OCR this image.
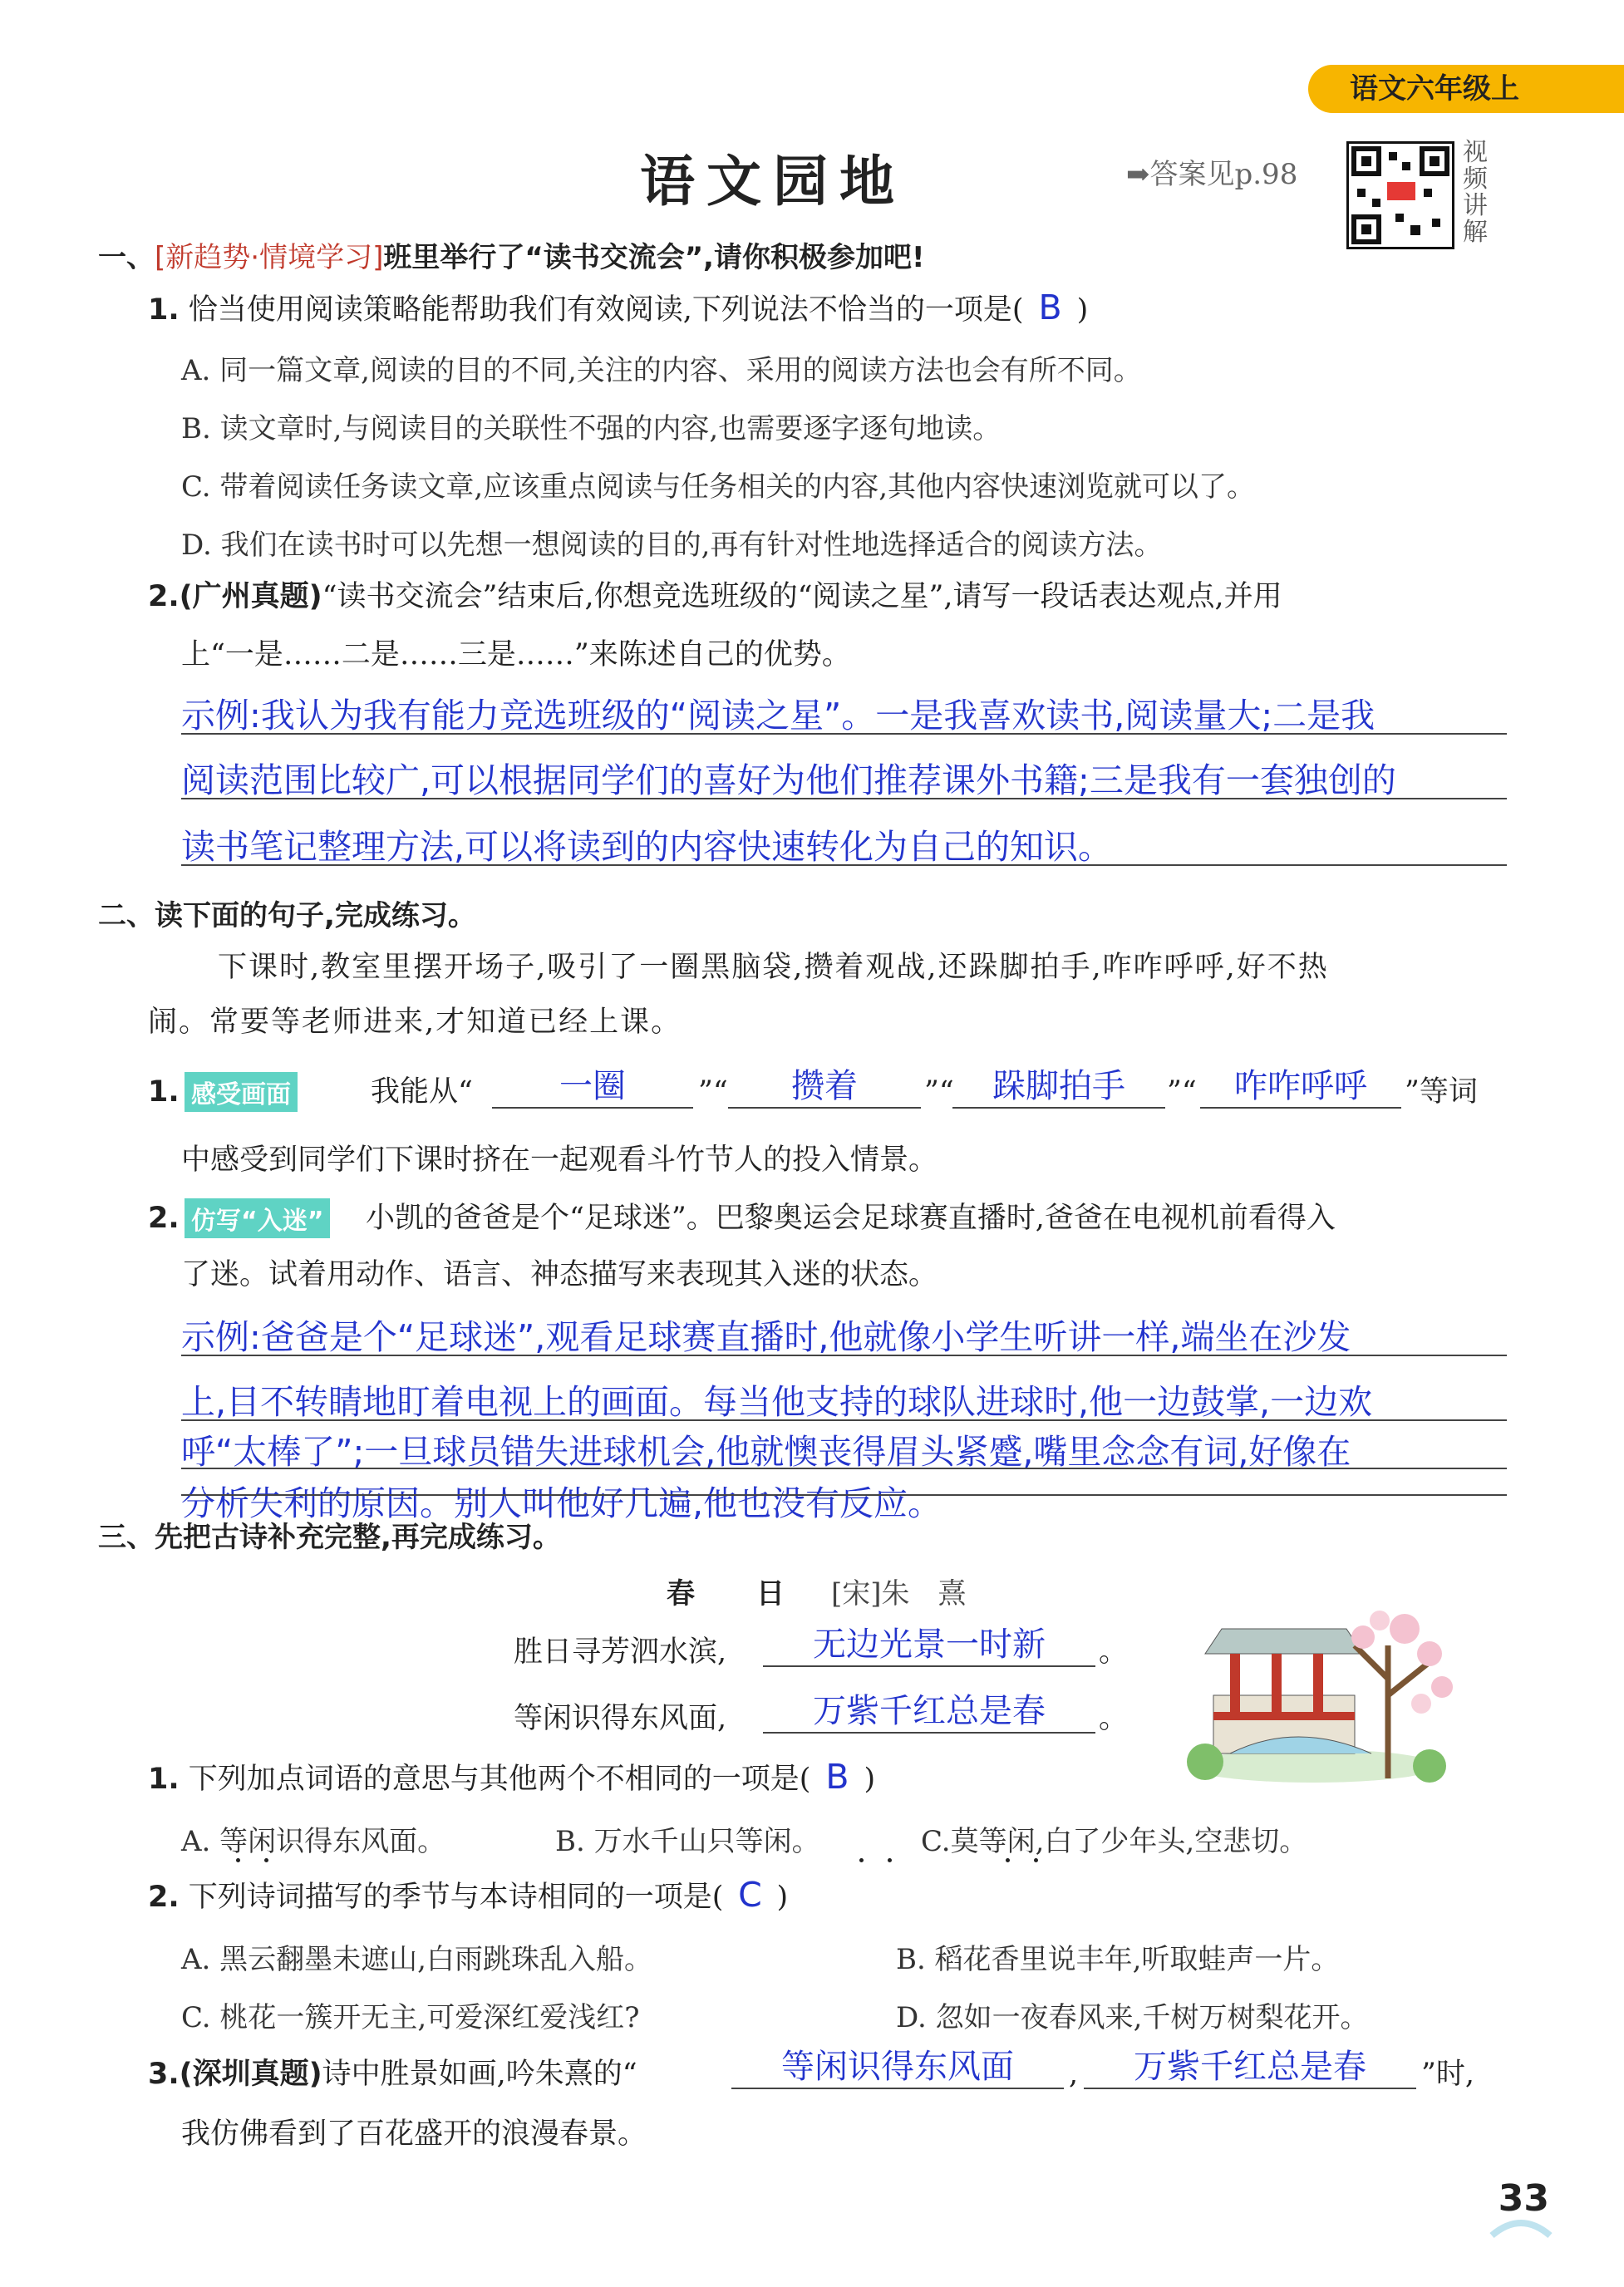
语文六年级上
语文园地	➡答案见p.98
视频讲解
一、[新趋势·情境学习]班里举行了“读书交流会”,请你积极参加吧!
1. 恰当使用阅读策略能帮助我们有效阅读,下列说法不恰当的一项是( B )
A. 同一篇文章,阅读的目的不同,关注的内容、采用的阅读方法也会有所不同。
B. 读文章时,与阅读目的关联性不强的内容,也需要逐字逐句地读。
C. 带着阅读任务读文章,应该重点阅读与任务相关的内容,其他内容快速浏览就可以了。
D. 我们在读书时可以先想一想阅读的目的,再有针对性地选择适合的阅读方法。
2.(广州真题)“读书交流会”结束后,你想竞选班级的“阅读之星”,请写一段话表达观点,并用
上“一是……二是……三是……”来陈述自己的优势。
示例:我认为我有能力竞选班级的“阅读之星”。一是我喜欢读书,阅读量大;二是我
阅读范围比较广,可以根据同学们的喜好为他们推荐课外书籍;三是我有一套独创的
读书笔记整理方法,可以将读到的内容快速转化为自己的知识。
二、读下面的句子,完成练习。
下课时,教室里摆开场子,吸引了一圈黑脑袋,攒着观战,还跺脚拍手,咋咋呼呼,好不热
闹。常要等老师进来,才知道已经上课。
1. 感受画面	我能从“	一圈	”“	攒着	”“	跺脚拍手	”“	咋咋呼呼	”等词
中感受到同学们下课时挤在一起观看斗竹节人的投入情景。
2. 仿写“入迷” 小凯的爸爸是个“足球迷”。巴黎奥运会足球赛直播时,爸爸在电视机前看得入
了迷。试着用动作、语言、神态描写来表现其入迷的状态。
示例:爸爸是个“足球迷”,观看足球赛直播时,他就像小学生听讲一样,端坐在沙发
上,目不转睛地盯着电视上的画面。每当他支持的球队进球时,他一边鼓掌,一边欢
呼“太棒了”;一旦球员错失进球机会,他就懊丧得眉头紧蹙,嘴里念念有词,好像在
分析失利的原因。别人叫他好几遍,他也没有反应。
三、先把古诗补充完整,再完成练习。
春　日 [宋]朱　熹
胜日寻芳泗水滨,	无边光景一时新	。
等闲识得东风面,	万紫千红总是春	。
1. 下列加点词语的意思与其他两个不相同的一项是( B )
A. 等闲识得东风面。	B. 万水千山只等闲。	C.莫等闲,白了少年头,空悲切。
2. 下列诗词描写的季节与本诗相同的一项是( C )
A. 黑云翻墨未遮山,白雨跳珠乱入船。	B. 稻花香里说丰年,听取蛙声一片。
C. 桃花一簇开无主,可爱深红爱浅红?	D. 忽如一夜春风来,千树万树梨花开。
3.(深圳真题)诗中胜景如画,吟朱熹的“	等闲识得东风面	,	万紫千红总是春	”时,
我仿佛看到了百花盛开的浪漫春景。
33
